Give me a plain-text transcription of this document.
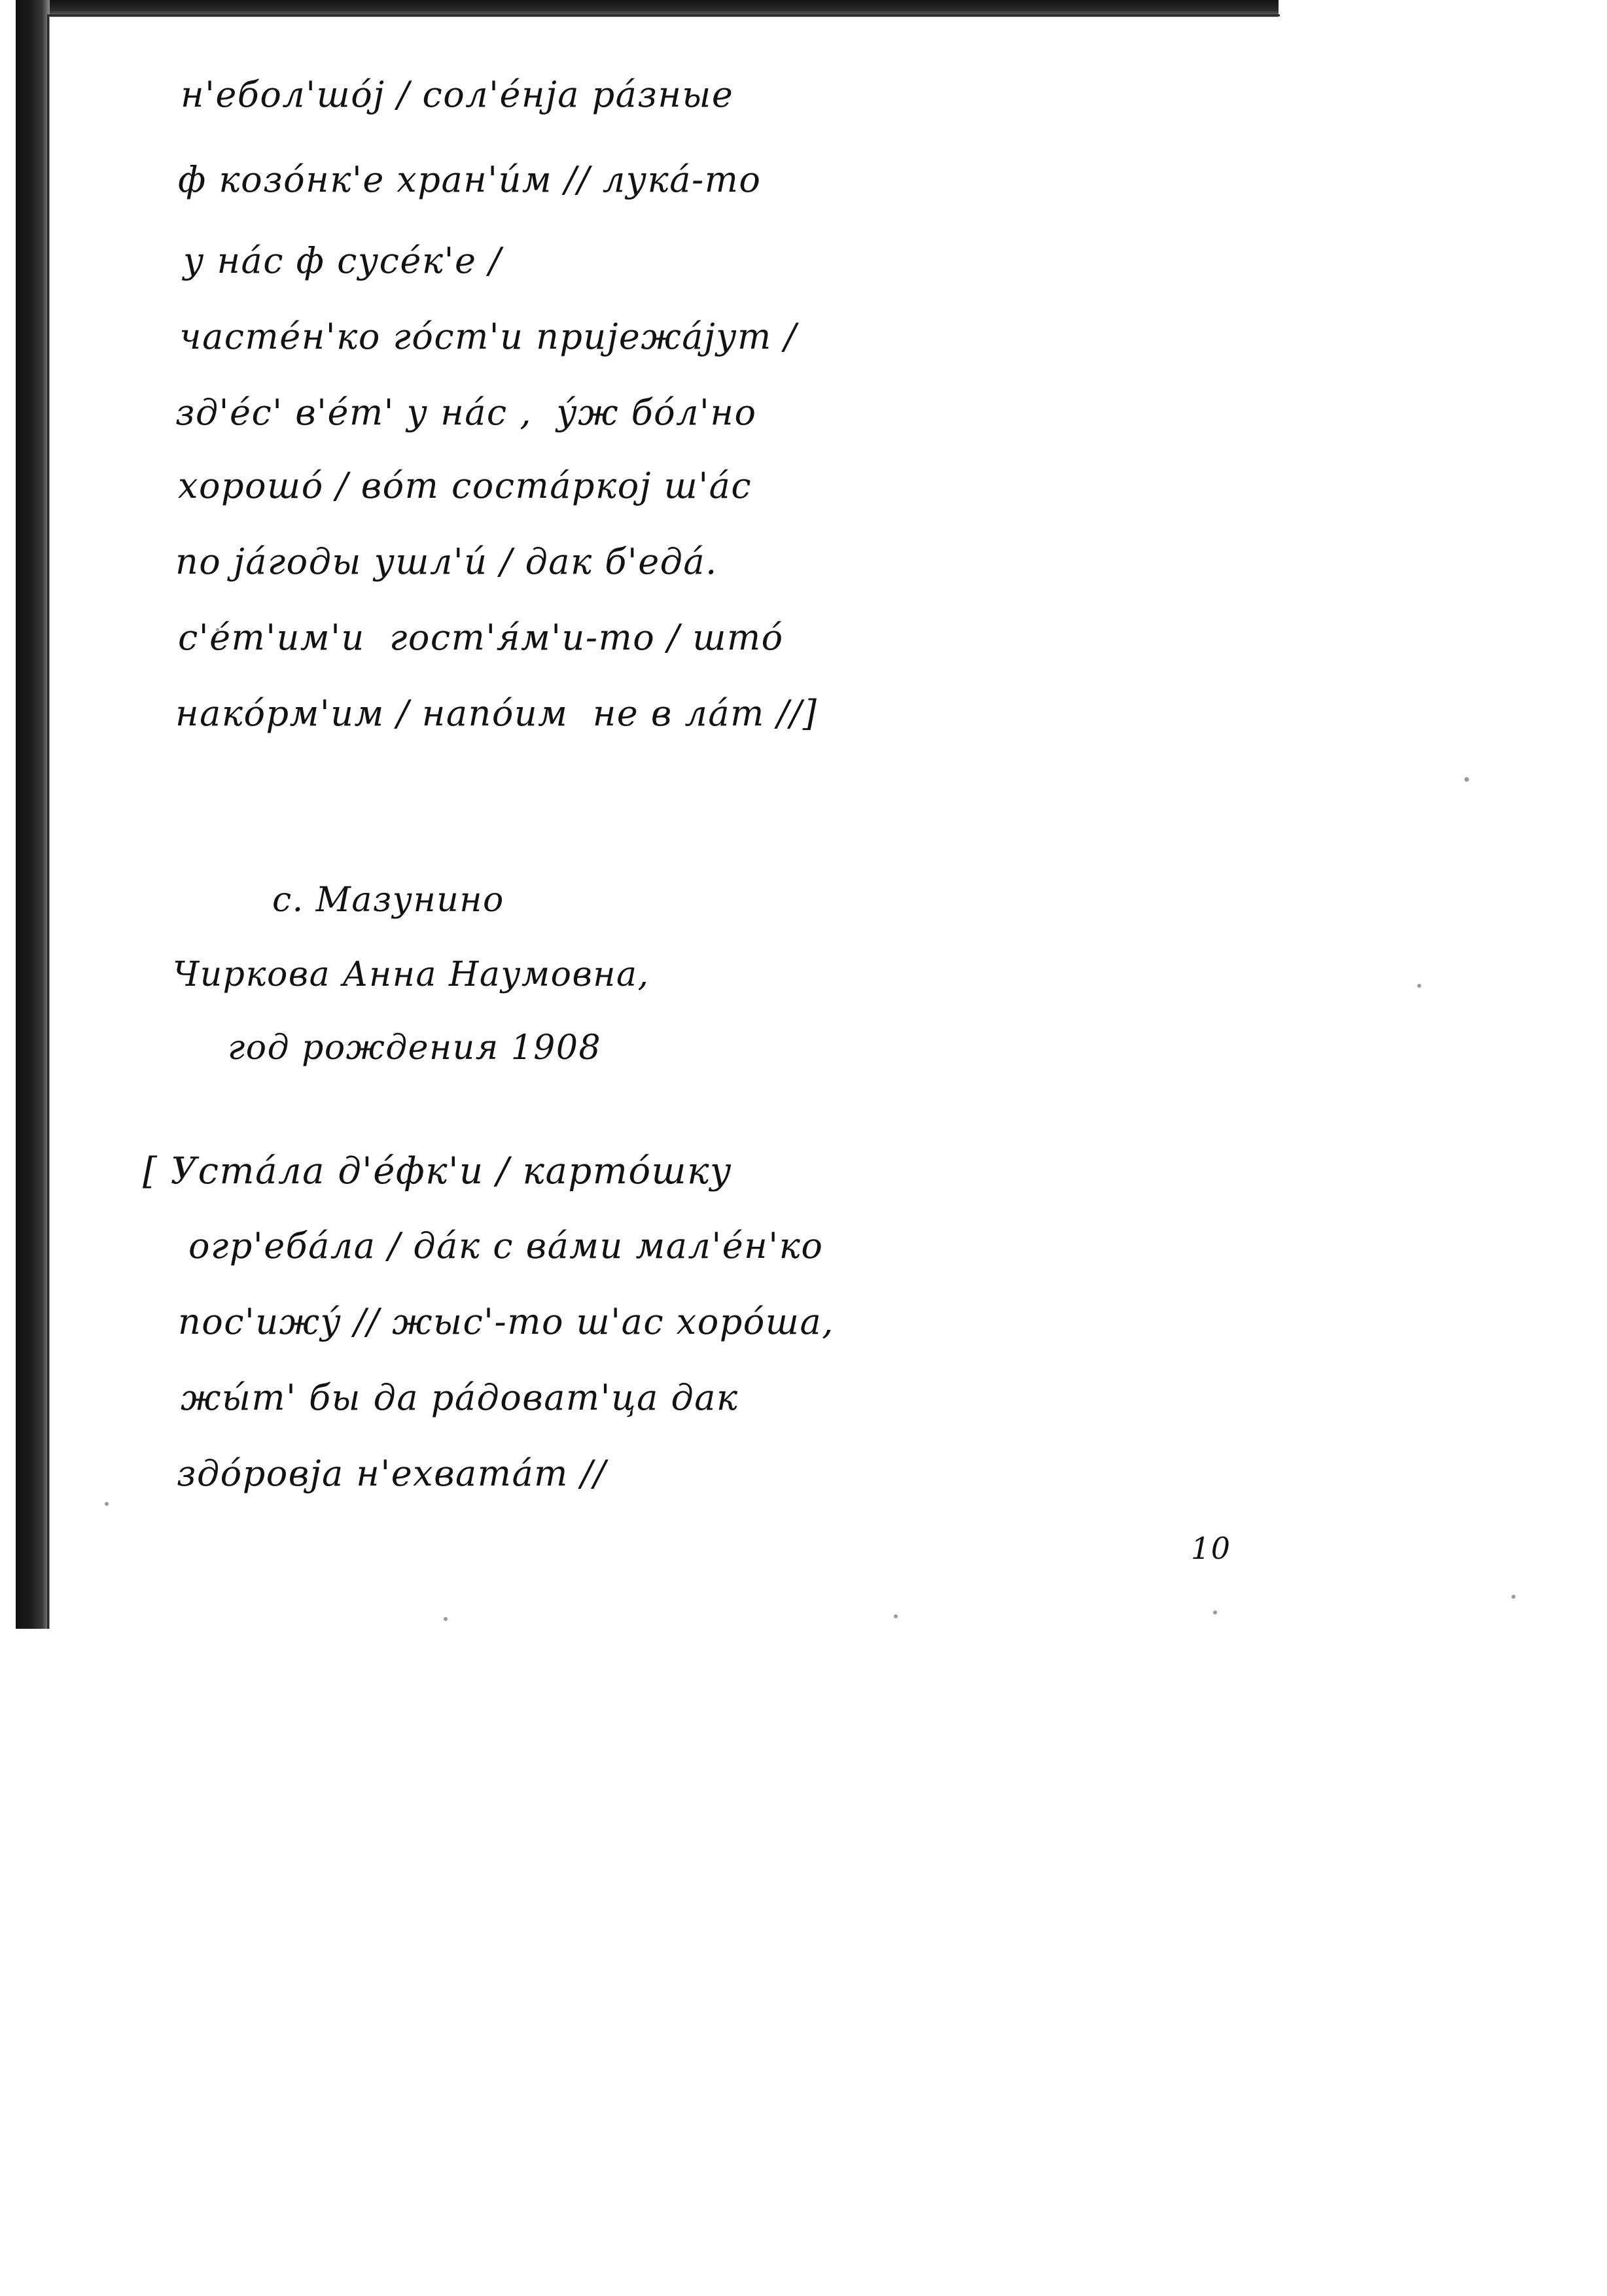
н'ебол'шо́j / сол'е́нjа ра́зные
ф козо́нк'е хран'и́м // лука́-то
у на́с ф сусе́к'е /
часте́н'ко го́ст'и приjежа́jут /
зд'е́с' в'е́т' у на́с ,  у́ж бо́л'но
хорошо́ / во́т соста́ркоj ш'а́с
по jа́годы ушл'и́ / дак б'еда́.
с'е́т'им'и  гост'я́м'и-то / што́
нако́рм'им / напо́им  не в ла́т //]
с. Мазунино
Чиркова Анна Наумовна,
год рождения 1908
[ Уста́ла д'е́фк'и / карто́шку
огр'еба́ла / да́к с ва́ми мал'е́н'ко
пос'ижу́ // жыс'-то ш'ас хоро́ша,
жы́т' бы да ра́доват'ца дак
здо́ровjа н'ехвата́т //
10
